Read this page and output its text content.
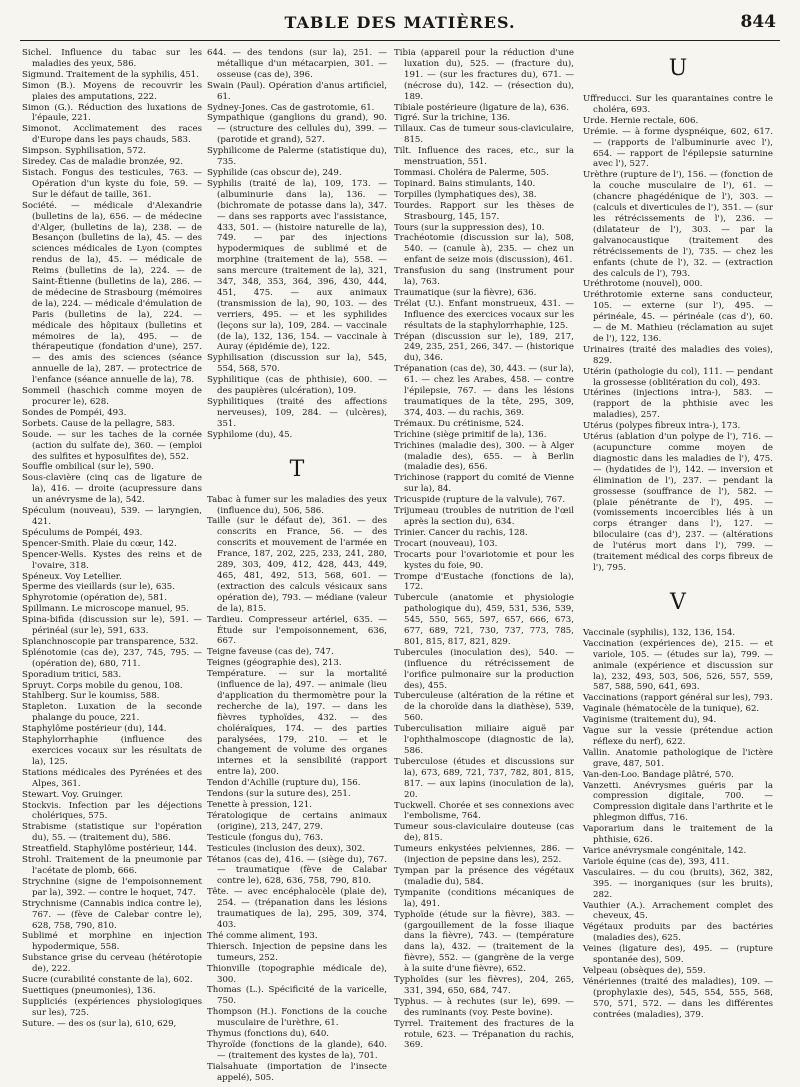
TABLE DES MATIÈRES.	844
Sichel. Influence du tabac sur les maladies des yeux, 586.
Sigmund. Traitement de la syphilis, 451.
Simon (B.). Moyens de recouvrir les plaies des amputations, 222.
Simon (G.). Réduction des luxations de l'épaule, 221.
Simonot. Acclimatement des races d'Europe dans les pays chauds, 583.
Simpson. Syphilisation, 572.
Siredey. Cas de maladie bronzée, 92.
Sistach. Fongus des testicules, 763. — Opération d'un kyste du foie, 59. — Sur le défaut de taille, 361.
Société. — médicale d'Alexandrie (bulletins de la), 656. — de médecine d'Alger, (bulletins de la), 238. — de Besançon (bulletins de la), 45. — des sciences médicales de Lyon (comptes rendus de la), 45. — médicale de Reims (bulletins de la), 224. — de Saint-Étienne (bulletins de la), 286. — de médecine de Strasbourg (mémoires de la), 224. — médicale d'émulation de Paris (bulletins de la), 224. — médicale des hôpitaux (bulletins et mémoires de la), 495. — de thérapeutique (fondation d'une), 257. — des amis des sciences (séance annuelle de la), 287. — protectrice de l'enfance (séance annuelle de la), 78.
Sommeil (haschich comme moyen de procurer le), 628.
Sondes de Pompéi, 493.
Sorbets. Cause de la pellagre, 583.
Soude. — sur les taches de la cornée (action du sulfate de), 360. — (emploi des sulfites et hyposulfites de), 552.
Souffle ombilical (sur le), 590.
Sous-clavière (cinq cas de ligature de la), 416. — droite (acupressure dans un anévrysme de la), 542.
Spéculum (nouveau), 539. — laryngien, 421.
Spéculums de Pompéi, 493.
Spencer-Smith. Plaie du cœur, 142.
Spencer-Wells. Kystes des reins et de l'ovaire, 318.
Spéneux. Voy Letellier.
Sperme des vieillards (sur le), 635.
Sphyrotomie (opération de), 581.
Spillmann. Le microscope manuel, 95.
Spina-bifida (discussion sur le), 591. — périnéal (sur le), 591, 633.
Splanchnoscopie par transparence, 532.
Splénotomie (cas de), 237, 745, 795. — (opération de), 680, 711.
Sporadium tritici, 583.
Spruyt. Corps mobile du genou, 108.
Stahlberg. Sur le koumiss, 588.
Stapleton. Luxation de la seconde phalange du pouce, 221.
Staphylôme postérieur (du), 144.
Staphylorrhaphie (influence des exercices vocaux sur les résultats de la), 125.
Stations médicales des Pyrénées et des Alpes, 361.
Stewart. Voy. Gruinger.
Stockvis. Infection par les déjections cholériques, 575.
Strabisme (statistique sur l'opération du), 55. — (traitement du), 586.
Streatfield. Staphylôme postérieur, 144.
Strohl. Traitement de la pneumonie par l'acétate de plomb, 666.
Strychnine (signe de l'empoisonnement par la), 392. — contre le hoquet, 747.
Strychnisme (Cannabis indica contre le), 767. — (fève de Calebar contre le), 628, 758, 790, 810.
Sublimé et morphine en injection hypodermique, 558.
Substance grise du cerveau (hétérotopie de), 222.
Sucre (curabilité constante de la), 602.
Suettiques (pneumonies), 136.
Suppliciés (expériences physiologiques sur les), 725.
Suture. — des os (sur la), 610, 629,
644. — des tendons (sur la), 251. — métallique d'un métacarpien, 301. — osseuse (cas de), 396.
Swain (Paul). Opération d'anus artificiel, 61.
Sydney-Jones. Cas de gastrotomie, 61.
Sympathique (ganglions du grand), 90. — (structure des cellules du), 399. — (parotide et grand), 527.
Syphilicome de Palerme (statistique du), 735.
Syphilide (cas obscur de), 249.
Syphilis (traité de la), 109, 173. — (albuminurie dans la), 136. — (bichromate de potasse dans la), 347. — dans ses rapports avec l'assistance, 433, 501. — (histoire naturelle de la), 749. — par des injections hypodermiques de sublimé et de morphine (traitement de la), 558. — sans mercure (traitement de la), 321, 347, 348, 353, 364, 396, 430, 444, 451, 475. — aux animaux (transmission de la), 90, 103. — des verriers, 495. — et les syphilides (leçons sur la), 109, 284. — vaccinale (de la), 132, 136, 154. — vaccinale à Auray (épidémie de), 122.
Syphilisation (discussion sur la), 545, 554, 568, 570.
Syphilitique (cas de phthisie), 600. — des paupières (ulcération), 109.
Syphilitiques (traité des affections nerveuses), 109, 284. — (ulcères), 351.
Syphilome (du), 45.
T
Tabac à fumer sur les maladies des yeux (influence du), 506, 586.
Taille (sur le défaut de), 361. — des conscrits en France, 56. — des conscrits et mouvement de l'armée en France, 187, 202, 225, 233, 241, 280, 289, 303, 409, 412, 428, 443, 449, 465, 481, 492, 513, 568, 601. — (extraction des calculs vésicaux sans opération de), 793. — médiane (valeur de la), 815.
Tardieu. Compresseur artériel, 635. — Étude sur l'empoisonnement, 636, 667.
Teigne faveuse (cas de), 747.
Teignes (géographie des), 213.
Température. — sur la mortalité (influence de la), 497. — animale (lieu d'application du thermomètre pour la recherche de la), 197. — dans les fièvres typhoïdes, 432. — des choléraïques, 174. — des parties paralysées, 179, 210. — et le changement de volume des organes internes et la sensibilité (rapport entre la), 200.
Tendon d'Achille (rupture du), 156.
Tendons (sur la suture des), 251.
Tenette à pression, 121.
Tératologique de certains animaux (origine), 213, 247, 279.
Testicule (fongus du), 763.
Testicules (inclusion des deux), 302.
Tétanos (cas de), 416. — (siège du), 767. — traumatique (fève de Calabar contre le), 628, 636, 758, 790, 810.
Tête. — avec encéphalocèle (plaie de), 254. — (trépanation dans les lésions traumatiques de la), 295, 309, 374, 403.
Thé comme aliment, 193.
Thiersch. Injection de pepsine dans les tumeurs, 252.
Thionville (topographie médicale de), 300.
Thomas (L.). Spécificité de la varicelle, 750.
Thompson (H.). Fonctions de la couche musculaire de l'urèthre, 61.
Thymus (fonctions du), 640.
Thyroïde (fonctions de la glande), 640. — (traitement des kystes de la), 701.
Tialsahuate (importation de l'insecte appelé), 505.
Tibia (appareil pour la réduction d'une luxation du), 525. — (fracture du), 191. — (sur les fractures du), 671. — (nécrose du), 142. — (résection du), 189.
Tibiale postérieure (ligature de la), 636.
Tigré. Sur la trichine, 136.
Tillaux. Cas de tumeur sous-claviculaire, 815.
Tilt. Influence des races, etc., sur la menstruation, 551.
Tommasi. Choléra de Palerme, 505.
Topinard. Bains stimulants, 140.
Torpilles (lymphatiques des), 38.
Tourdes. Rapport sur les thèses de Strasbourg, 145, 157.
Tours (sur la suppression des), 10.
Trachéotomie (discussion sur la), 508, 540. — (canule à), 235. — chez un enfant de seize mois (discussion), 461.
Transfusion du sang (instrument pour la), 763.
Traumatique (sur la fièvre), 636.
Trélat (U.). Enfant monstrueux, 431. — Influence des exercices vocaux sur les résultats de la staphylorrhaphie, 125.
Trépan (discussion sur le), 189, 217, 249, 235, 251, 266, 347. — (historique du), 346.
Trépanation (cas de), 30, 443. — (sur la), 61. — chez les Arabes, 458. — contre l'épilepsie, 767. — dans les lésions traumatiques de la tête, 295, 309, 374, 403. — du rachis, 369.
Trémaux. Du crétinisme, 524.
Trichine (siège primitif de la), 136.
Trichines (maladie des), 300. — à Alger (maladie des), 655. — à Berlin (maladie des), 656.
Trichinose (rapport du comité de Vienne sur la), 84.
Tricuspide (rupture de la valvule), 767.
Trijumeau (troubles de nutrition de l'œil après la section du), 634.
Trinier. Cancer du rachis, 128.
Trocart (nouveau), 103.
Trocarts pour l'ovariotomie et pour les kystes du foie, 90.
Trompe d'Eustache (fonctions de la), 172.
Tubercule (anatomie et physiologie pathologique du), 459, 531, 536, 539, 545, 550, 565, 597, 657, 666, 673, 677, 689, 721, 730, 737, 773, 785, 801, 815, 817, 821, 829.
Tubercules (inoculation des), 540. — (influence du rétrécissement de l'orifice pulmonaire sur la production des), 455.
Tuberculeuse (altération de la rétine et de la choroïde dans la diathèse), 539, 560.
Tuberculisation miliaire aiguë par l'ophthalmoscope (diagnostic de la), 586.
Tuberculose (études et discussions sur la), 673, 689, 721, 737, 782, 801, 815, 817. — aux lapins (inoculation de la), 20.
Tuckwell. Chorée et ses connexions avec l'embolisme, 764.
Tumeur sous-claviculaire douteuse (cas de), 815.
Tumeurs enkystées pelviennes, 286. — (injection de pepsine dans les), 252.
Tympan par la présence des végétaux (maladie du), 584.
Tympanite (conditions mécaniques de la), 491.
Typhoïde (étude sur la fièvre), 383. — (gargouillement de la fosse iliaque dans la fièvre), 743. — (température dans la), 432. — (traitement de la fièvre), 552. — (gangrène de la verge à la suite d'une fièvre), 652.
Typhoïdes (sur les fièvres), 204, 265, 331, 394, 650, 684, 747.
Typhus. — à rechutes (sur le), 699. — des ruminants (voy. Peste bovine).
Tyrrel. Traitement des fractures de la rotule, 623. — Trépanation du rachis, 369.
U
Uffreducci. Sur les quarantaines contre le choléra, 693.
Urde. Hernie rectale, 606.
Urémie. — à forme dyspnéique, 602, 617. — (rapports de l'albuminurie avec l'), 654. — rapport de l'épilepsie saturnine avec l'), 527.
Urèthre (rupture de l'), 156. — (fonction de la couche musculaire de l'), 61. — (chancre phagédénique de l'), 303. — (calculs et diverticules de l'), 351. — (sur les rétrécissements de l'), 236. — (dilatateur de l'), 303. — par la galvanocaustique (traitement des rétrécissements de l'), 735. — chez les enfants (chute de l'), 32. — (extraction des calculs de l'), 793.
Uréthrotome (nouvel), 000.
Uréthrotomie externe sans conducteur, 105. — externe (sur l'), 495. — périnéale, 45. — périnéale (cas d'), 60. — de M. Mathieu (réclamation au sujet de l'), 122, 136.
Urinaires (traité des maladies des voies), 829.
Utérin (pathologie du col), 111. — pendant la grossesse (oblitération du col), 493.
Utérines (injections intra-), 583. — (rapport de la phthisie avec les maladies), 257.
Utérus (polypes fibreux intra-), 173.
Utérus (ablation d'un polype de l'), 716. — (acupuncture comme moyen de diagnostic dans les maladies de l'), 475. — (hydatides de l'), 142. — inversion et élimination de l'), 237. — pendant la grossesse (souffrance de l'), 582. — (plaie pénétrante de l'), 495. — (vomissements incoercibles liés à un corps étranger dans l'), 127. — biloculaire (cas d'), 237. — (altérations de l'utérus mort dans l'), 799. — (traitement médical des corps fibreux de l'), 795.
V
Vaccinale (syphilis), 132, 136, 154.
Vaccination (expériences de), 215. — et variole, 105. — (études sur la), 799. — animale (expérience et discussion sur la), 232, 493, 503, 506, 526, 557, 559, 587, 588, 590, 641, 693.
Vaccinations (rapport général sur les), 793.
Vaginale (hématocèle de la tunique), 62.
Vaginisme (traitement du), 94.
Vague sur la vessie (prétendue action réflexe du nerf), 622.
Vallin. Anatomie pathologique de l'ictère grave, 487, 501.
Van-den-Loo. Bandage plâtré, 570.
Vanzetti. Anévrysmes guéris par la compression digitale, 700. — Compression digitale dans l'arthrite et le phlegmon diffus, 716.
Vaporarium dans le traitement de la phthisie, 626.
Varice anévrysmale congénitale, 142.
Variole équine (cas de), 393, 411.
Vasculaires. — du cou (bruits), 362, 382, 395. — inorganiques (sur les bruits), 282.
Vauthier (A.). Arrachement complet des cheveux, 45.
Végétaux produits par des bactéries (maladies des), 625.
Veines (ligature des), 495. — (rupture spontanée des), 509.
Velpeau (obsèques de), 559.
Vénériennes (traité des maladies), 109. — (prophylaxie des), 545, 554, 555, 568, 570, 571, 572. — dans les différentes contrées (maladies), 379.
